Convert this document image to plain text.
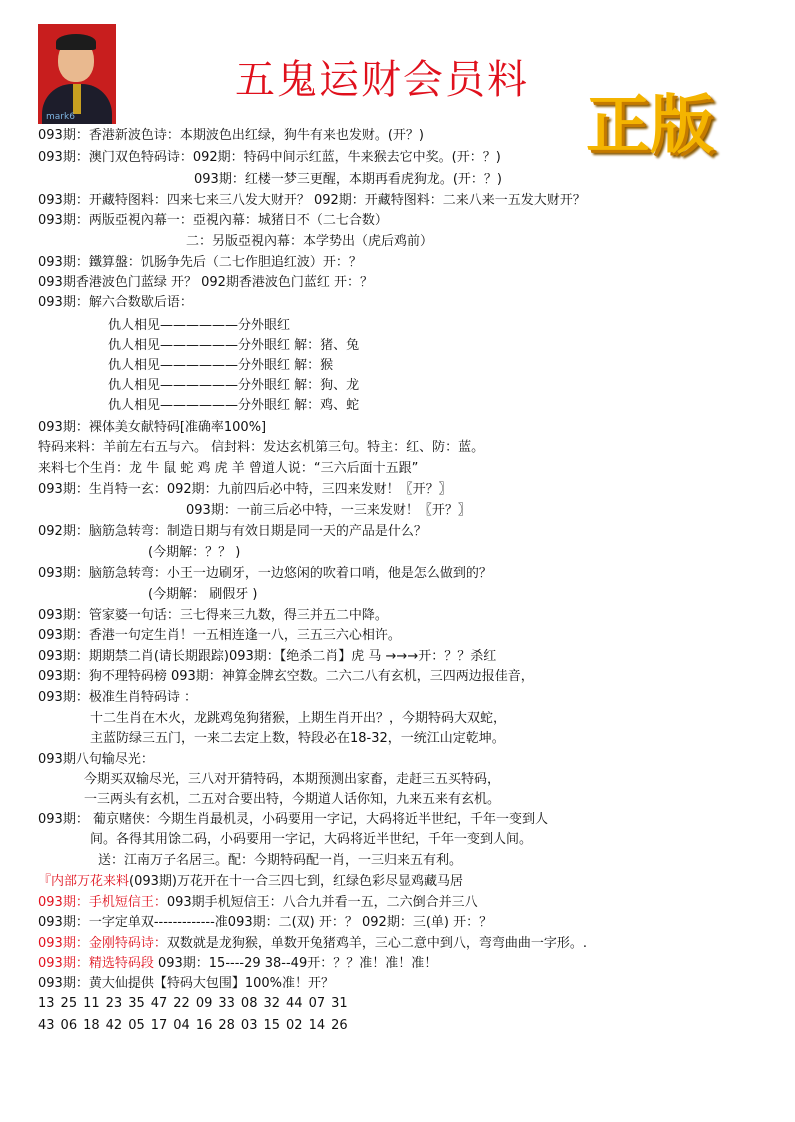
mark6
五鬼运财会员料
正版
093期：香港新波色诗：本期波色出红绿，狗牛有来也发财。(开？)
093期：澳门双色特码诗：092期：特码中间示红蓝，牛来猴去它中奖。(开：？)
093期：红楼一梦三更醒，本期再看虎狗龙。(开：？)
093期：开藏特图料：四来七来三八发大财开？ 092期：开藏特图料：二来八来一五发大财开？
093期：两版亞視內幕一：亞視內幕：城猪日不（二七合数）
二：另版亞視內幕：本学势出（虎后鸡前）
093期：鐵算盤：饥肠争先后（二七作胆追红波）开：？
093期香港波色门蓝绿 开？ 092期香港波色门蓝红 开：？
093期：解六合数歇后语：
仇人相见——————分外眼红
仇人相见——————分外眼红 解：猪、兔
仇人相见——————分外眼红 解：猴
仇人相见——————分外眼红 解：狗、龙
仇人相见——————分外眼红 解：鸡、蛇
093期：裸体美女献特码[准确率100%]
特码来料：羊前左右五与六。 信封料：发达玄机第三句。特主：红、防：蓝。
来料七个生肖：龙 牛 鼠 蛇 鸡 虎 羊 曾道人说：“三六后面十五跟”
093期：生肖特一玄：092期：九前四后必中特，三四来发财！〖开？〗
093期：一前三后必中特，一三来发财！〖开？〗
092期：脑筋急转弯：制造日期与有效日期是同一天的产品是什么？
(今期解：？？ )
093期：脑筋急转弯：小王一边刷牙，一边悠闲的吹着口哨，他是怎么做到的？
(今期解： 刷假牙 )
093期：管家婆一句话：三七得来三九数，得三并五二中降。
093期：香港一句定生肖！一五相连逢一八，三五三六心相许。
093期：期期禁二肖(请长期跟踪)093期：【绝杀二肖】虎 马 →→→开：？？杀红
093期：狗不理特码榜 093期：神算金牌玄空数。二六二八有玄机，三四两边报佳音，
093期：极准生肖特码诗 ：
十二生肖在木火，龙跳鸡兔狗猪猴，上期生肖开出？，今期特码大双蛇，
主蓝防绿三五门，一来二去定上数，特段必在18-32，一统江山定乾坤。
093期八句输尽光：
今期买双输尽光，三八对开猜特码，本期预测出家畜，走赶三五买特码，
一三两头有玄机，二五对合要出特，今期道人话你知，九来五来有玄机。
093期： 葡京赌侠：今期生肖最机灵，小码要用一字记，大码将近半世纪，千年一变到人
间。各得其用馀二码，小码要用一字记，大码将近半世纪，千年一变到人间。
送：江南万子名居三。配：今期特码配一肖，一三归来五有利。
『内部万花来料(093期)万花开在十一合三四七到，红绿色彩尽显鸡藏马居
093期：手机短信王：093期手机短信王：八合九并看一五，二六倒合并三八
093期：一字定单双-------------准093期：二(双) 开：？ 092期：三(单) 开：？
093期：金刚特码诗：双数就是龙狗猴，单数开兔猪鸡羊，三心二意中到八，弯弯曲曲一字形。.
093期：精选特码段 093期：15----29 38--49开：？？准！准！准！
093期：黄大仙提供【特码大包围】100%准！开？
13 25 11 23 35 47 22 09 33 08 32 44 07 31
43 06 18 42 05 17 04 16 28 03 15 02 14 26
